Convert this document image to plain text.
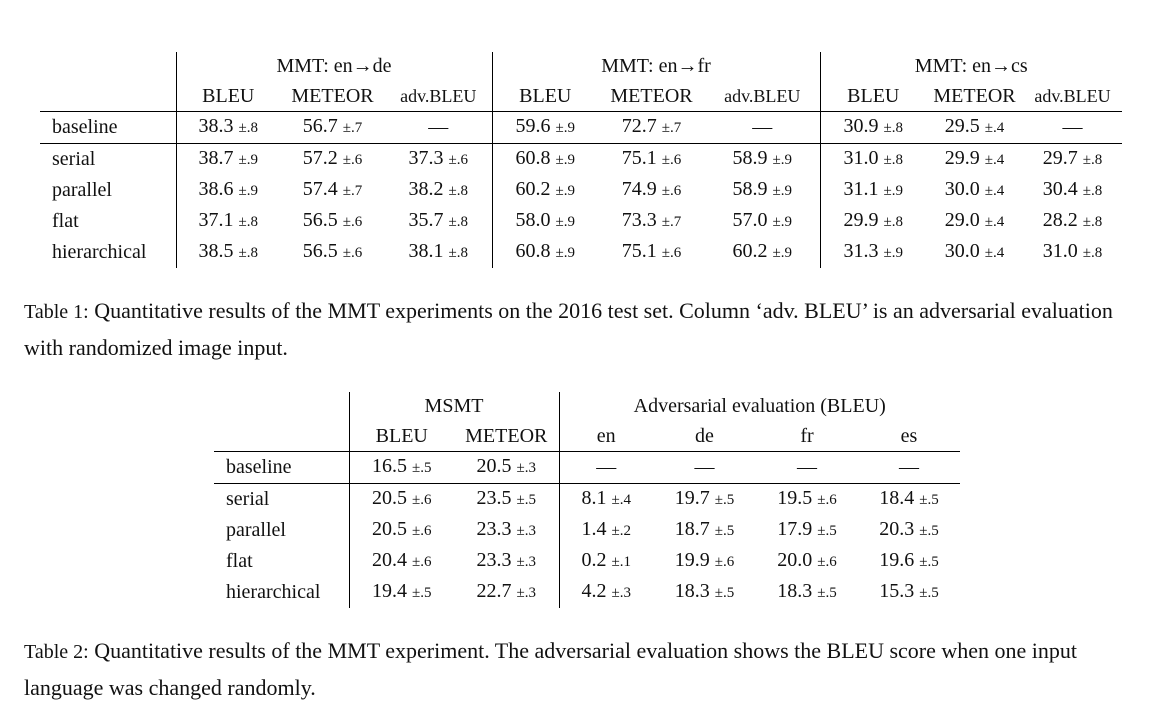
	MMT: en→de			MMT: en→fr			MMT: en→cs		
	BLEU	METEOR	adv.BLEU	BLEU	METEOR	adv.BLEU	BLEU	METEOR	adv.BLEU
baseline	38.3 ±.8	56.7 ±.7	—	59.6 ±.9	72.7 ±.7	—	30.9 ±.8	29.5 ±.4	—
serial	38.7 ±.9	57.2 ±.6	37.3 ±.6	60.8 ±.9	75.1 ±.6	58.9 ±.9	31.0 ±.8	29.9 ±.4	29.7 ±.8
parallel	38.6 ±.9	57.4 ±.7	38.2 ±.8	60.2 ±.9	74.9 ±.6	58.9 ±.9	31.1 ±.9	30.0 ±.4	30.4 ±.8
flat	37.1 ±.8	56.5 ±.6	35.7 ±.8	58.0 ±.9	73.3 ±.7	57.0 ±.9	29.9 ±.8	29.0 ±.4	28.2 ±.8
hierarchical	38.5 ±.8	56.5 ±.6	38.1 ±.8	60.8 ±.9	75.1 ±.6	60.2 ±.9	31.3 ±.9	30.0 ±.4	31.0 ±.8
Table 1: Quantitative results of the MMT experiments on the 2016 test set. Column ‘adv. BLEU’ is an adversarial evaluation with randomized image input.
	MSMT		Adversarial evaluation (BLEU)			
	BLEU	METEOR	en	de	fr	es
baseline	16.5 ±.5	20.5 ±.3	—	—	—	—
serial	20.5 ±.6	23.5 ±.5	8.1 ±.4	19.7 ±.5	19.5 ±.6	18.4 ±.5
parallel	20.5 ±.6	23.3 ±.3	1.4 ±.2	18.7 ±.5	17.9 ±.5	20.3 ±.5
flat	20.4 ±.6	23.3 ±.3	0.2 ±.1	19.9 ±.6	20.0 ±.6	19.6 ±.5
hierarchical	19.4 ±.5	22.7 ±.3	4.2 ±.3	18.3 ±.5	18.3 ±.5	15.3 ±.5
Table 2: Quantitative results of the MMT experiment. The adversarial evaluation shows the BLEU score when one input language was changed randomly.
